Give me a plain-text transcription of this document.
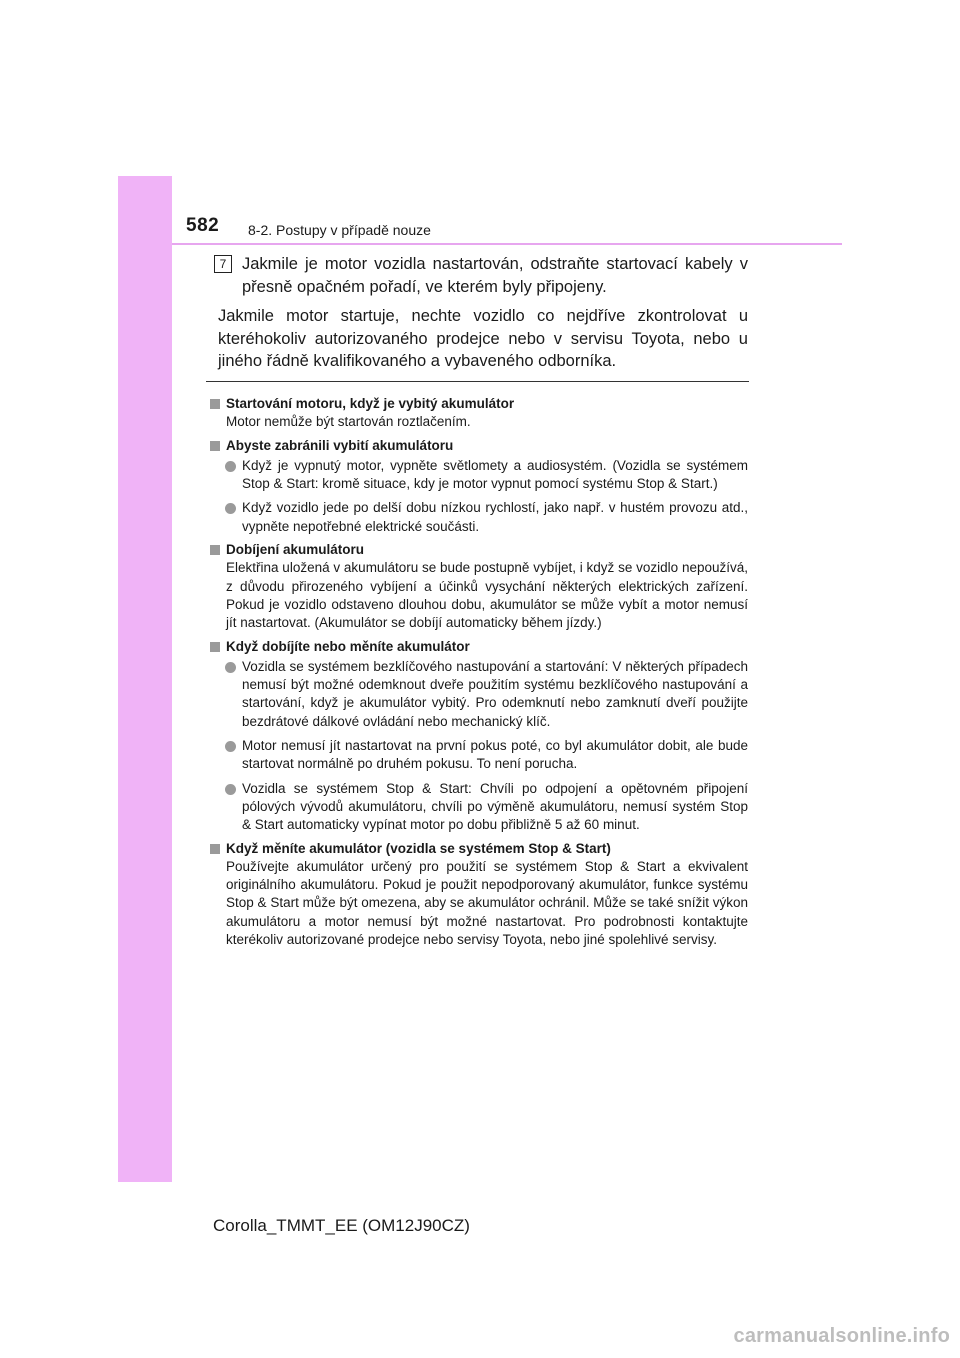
582 8-2. Postupy v případě nouze
7 Jakmile je motor vozidla nastartován, odstraňte startovací kabely v přesně opačném pořadí, ve kterém byly připojeny.
Jakmile motor startuje, nechte vozidlo co nejdříve zkontrolovat u kteréhokoliv autorizovaného prodejce nebo v servisu Toyota, nebo u jiného řádně kvalifikovaného a vybaveného odborníka.
Startování motoru, když je vybitý akumulátor
Motor nemůže být startován roztlačením.
Abyste zabránili vybití akumulátoru
Když je vypnutý motor, vypněte světlomety a audiosystém. (Vozidla se systémem Stop & Start: kromě situace, kdy je motor vypnut pomocí systému Stop & Start.)
Když vozidlo jede po delší dobu nízkou rychlostí, jako např. v hustém provozu atd., vypněte nepotřebné elektrické součásti.
Dobíjení akumulátoru
Elektřina uložená v akumulátoru se bude postupně vybíjet, i když se vozidlo nepoužívá, z důvodu přirozeného vybíjení a účinků vysychání některých elektrických zařízení. Pokud je vozidlo odstaveno dlouhou dobu, akumulátor se může vybít a motor nemusí jít nastartovat. (Akumulátor se dobíjí automaticky během jízdy.)
Když dobíjíte nebo měníte akumulátor
Vozidla se systémem bezklíčového nastupování a startování: V některých případech nemusí být možné odemknout dveře použitím systému bezklíčového nastupování a startování, když je akumulátor vybitý. Pro odemknutí nebo zamknutí dveří použijte bezdrátové dálkové ovládání nebo mechanický klíč.
Motor nemusí jít nastartovat na první pokus poté, co byl akumulátor dobit, ale bude startovat normálně po druhém pokusu. To není porucha.
Vozidla se systémem Stop & Start: Chvíli po odpojení a opětovném připojení pólových vývodů akumulátoru, chvíli po výměně akumulátoru, nemusí systém Stop & Start automaticky vypínat motor po dobu přibližně 5 až 60 minut.
Když měníte akumulátor (vozidla se systémem Stop & Start)
Používejte akumulátor určený pro použití se systémem Stop & Start a ekvivalent originálního akumulátoru. Pokud je použit nepodporovaný akumulátor, funkce systému Stop & Start může být omezena, aby se akumulátor ochránil. Může se také snížit výkon akumulátoru a motor nemusí být možné nastartovat. Pro podrobnosti kontaktujte kterékoliv autorizované prodejce nebo servisy Toyota, nebo jiné spolehlivé servisy.
Corolla_TMMT_EE (OM12J90CZ)
carmanualsonline.info
